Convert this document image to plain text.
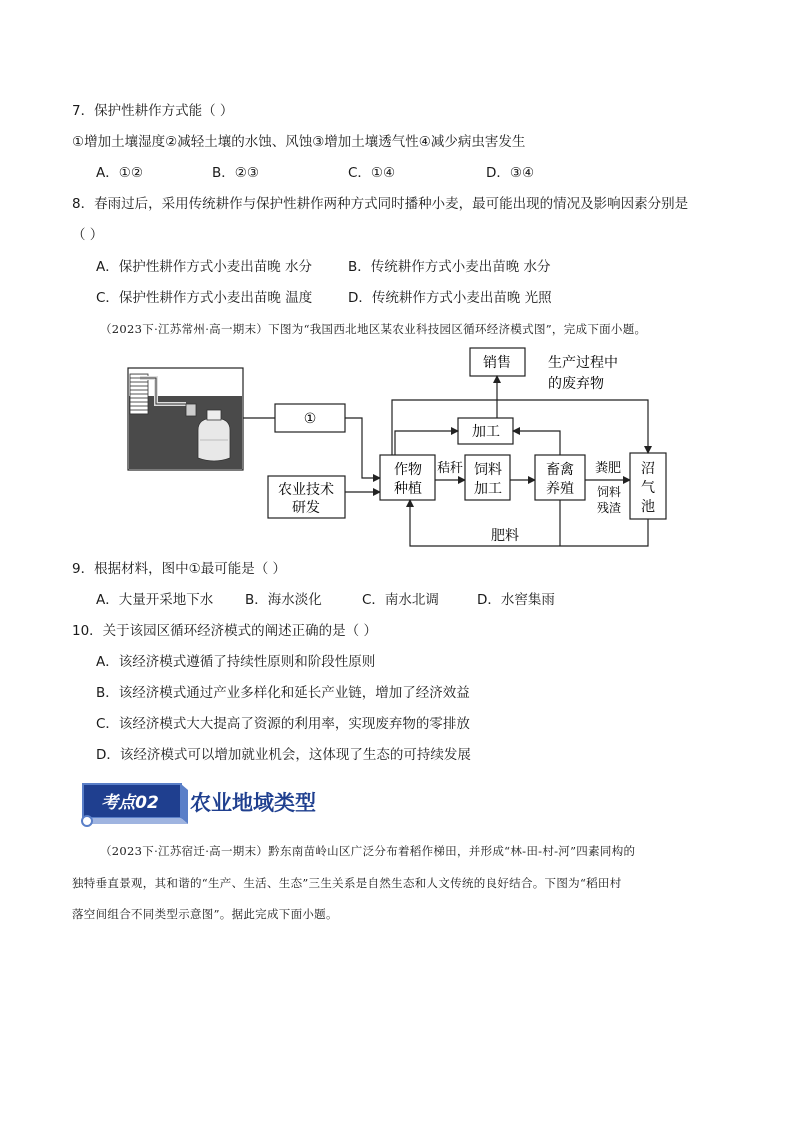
7．保护性耕作方式能（ ）
①增加土壤湿度②减轻土壤的水蚀、风蚀③增加土壤透气性④减少病虫害发生
A．①②	B．②③	C．①④	D．③④
8．春雨过后，采用传统耕作与保护性耕作两种方式同时播种小麦，最可能出现的情况及影响因素分别是
（ ）
A．保护性耕作方式小麦出苗晚 水分	B．传统耕作方式小麦出苗晚 水分
C．保护性耕作方式小麦出苗晚 温度	D．传统耕作方式小麦出苗晚 光照
（2023下·江苏常州·高一期末）下图为“我国西北地区某农业科技园区循环经济模式图”，完成下面小题。
①
农业技术
研发
作物
种植
秸秆 饲料
加工
畜禽
养殖
粪肥
饲料
残渣
沼
气
池
加工
销售	生产过程中
的废弃物
肥料
9．根据材料，图中①最可能是（ ）
A．大量开采地下水 B．海水淡化	C．南水北调	D．水窖集雨
10．关于该园区循环经济模式的阐述正确的是（ ）
A．该经济模式遵循了持续性原则和阶段性原则
B．该经济模式通过产业多样化和延长产业链，增加了经济效益
C．该经济模式大大提高了资源的利用率，实现废弃物的零排放
D．该经济模式可以增加就业机会，这体现了生态的可持续发展
考点02 农业地域类型
（2023下·江苏宿迁·高一期末）黔东南苗岭山区广泛分布着稻作梯田，并形成“林-田-村-河”四素同构的
独特垂直景观，其和谐的“生产、生活、生态”三生关系是自然生态和人文传统的良好结合。下图为“稻田村
落空间组合不同类型示意图”。据此完成下面小题。
